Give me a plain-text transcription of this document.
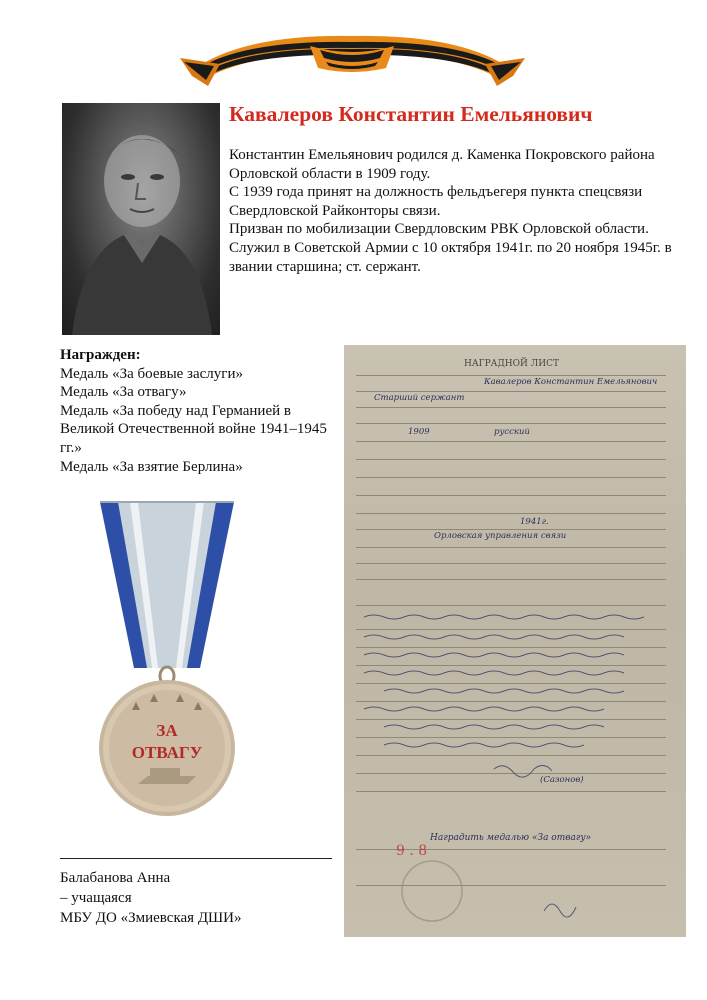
Кавалеров Константин Емельянович

Константин Емельянович родился д. Каменка Покровского района Орловской области в 1909 году.

С 1939 года принят на должность фельдъегеря пункта спецсвязи Свердловской Райконторы связи.

Призван по мобилизации Свердловским РВК Орловской области.

Служил в Советской Армии с 10 октября 1941г. по 20 ноября 1945г. в звании старшина; ст. сержант.

Награжден:
Медаль «За боевые заслуги»
Медаль «За отвагу»
Медаль «За победу над Германией в Великой Отечественной войне 1941–1945 гг.»
Медаль «За взятие Берлина»
ЗА
ОТВАГУ
НАГРАДНОЙ ЛИСТ
Кавалеров Константин Емельянович
Старший сержант
1909	русский
1941г.
Орловская управления связи
(Сазонов)
Наградить медалью «За отвагу»
9 . 8
Балабанова Анна
– учащаяся
МБУ ДО «Змиевская ДШИ»
